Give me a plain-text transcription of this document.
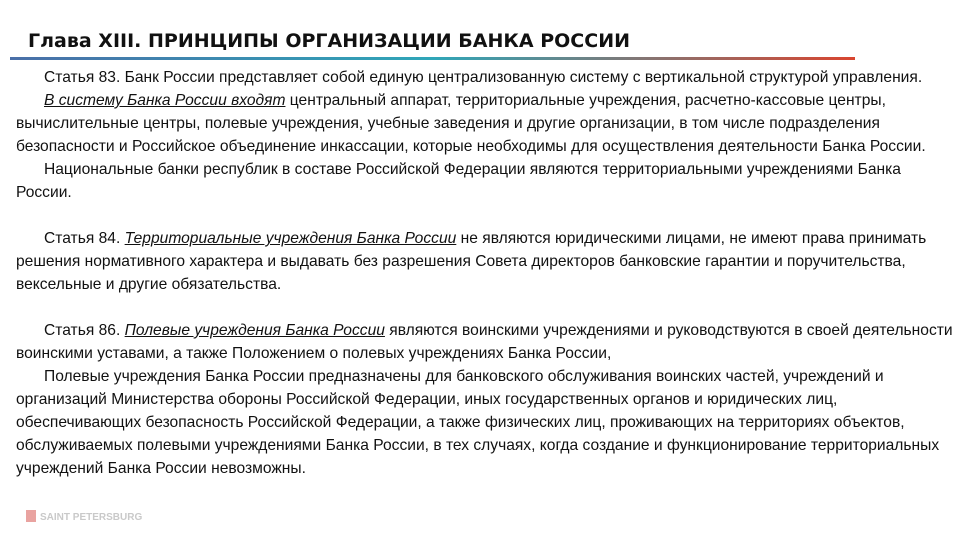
Глава XIII. ПРИНЦИПЫ ОРГАНИЗАЦИИ БАНКА РОССИИ

Статья 83. Банк России представляет собой единую централизованную систему с вертикальной структурой управления.

В систему Банка России входят центральный аппарат, территориальные учреждения, расчетно-кассовые центры, вычислительные центры, полевые учреждения, учебные заведения и другие организации, в том числе подразделения безопасности и Российское объединение инкассации, которые необходимы для осуществления деятельности Банка России.

Национальные банки республик в составе Российской Федерации являются территориальными учреждениями Банка России.

Статья 84. Территориальные учреждения Банка России не являются юридическими лицами, не имеют права принимать решения нормативного характера и выдавать без разрешения Совета директоров банковские гарантии и поручительства, вексельные и другие обязательства.

Статья 86. Полевые учреждения Банка России являются воинскими учреждениями и руководствуются в своей деятельности воинскими уставами, а также Положением о полевых учреждениях Банка России,

Полевые учреждения Банка России предназначены для банковского обслуживания воинских частей, учреждений и организаций Министерства обороны Российской Федерации, иных государственных органов и юридических лиц, обеспечивающих безопасность Российской Федерации, а также физических лиц, проживающих на территориях объектов, обслуживаемых полевыми учреждениями Банка России, в тех случаях, когда создание и функционирование территориальных учреждений Банка России невозможны.

SAINT PETERSBURG
